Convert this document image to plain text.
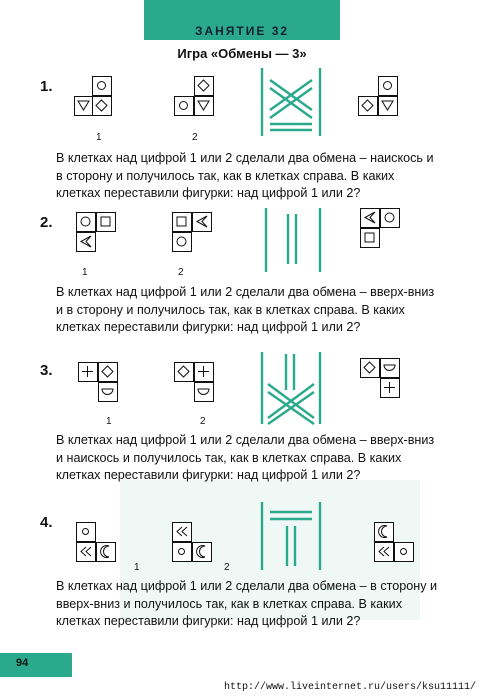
ЗАНЯТИЕ 32
Игра «Обмены — 3»
1.
1	2
В клетках над цифрой 1 или 2 сделали два обмена – наискось и в сторону и получилось так, как в клетках справа. В каких клетках переставили фигурки: над цифрой 1 или 2?
2.
1	2
В клетках над цифрой 1 или 2 сделали два обмена – вверх-вниз и в сторону и получилось так, как в клетках справа. В каких клетках переставили фигурки: над цифрой 1 или 2?
3.
1	2
В клетках над цифрой 1 или 2 сделали два обмена – вверх-вниз и наискось и получилось так, как в клетках справа. В каких клетках переставили фигурки: над цифрой 1 или 2?
4.
1	2
В клетках над цифрой 1 или 2 сделали два обмена – в сторону и вверх-вниз и получилось так, как в клетках справа. В каких клетках переставили фигурки: над цифрой 1 или 2?
94
http://www.liveinternet.ru/users/ksu11111/
